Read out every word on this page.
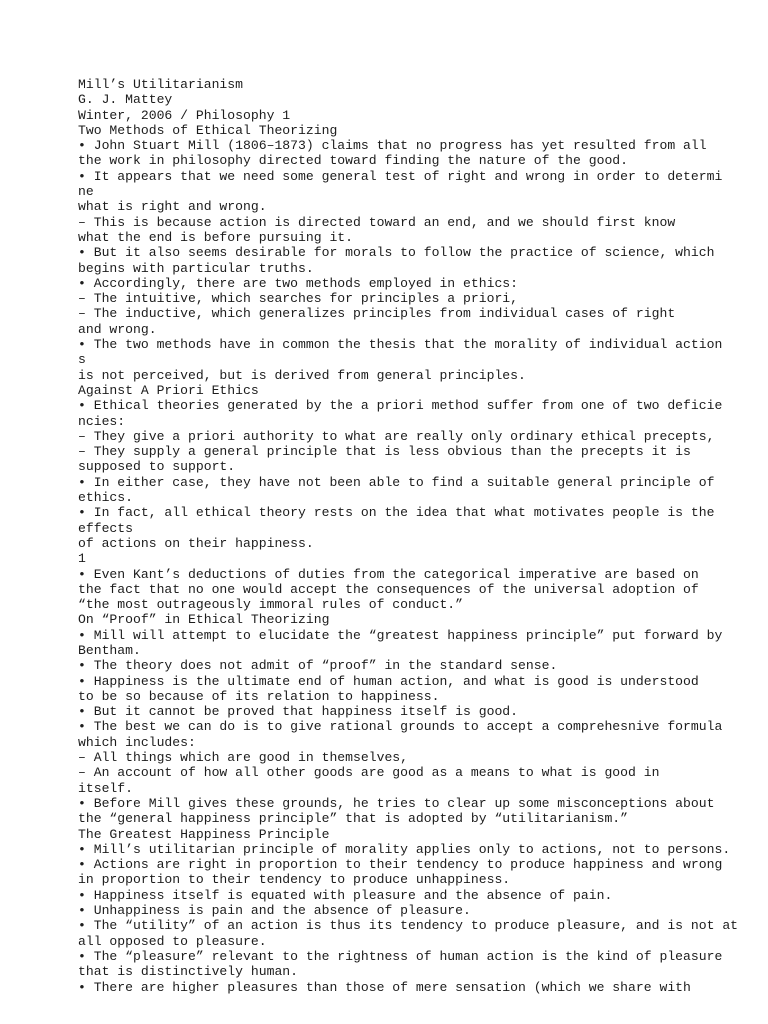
Mill’s Utilitarianism
G. J. Mattey
Winter, 2006 / Philosophy 1
Two Methods of Ethical Theorizing
• John Stuart Mill (1806–1873) claims that no progress has yet resulted from all
the work in philosophy directed toward finding the nature of the good.
• It appears that we need some general test of right and wrong in order to determi
ne
what is right and wrong.
– This is because action is directed toward an end, and we should first know
what the end is before pursuing it.
• But it also seems desirable for morals to follow the practice of science, which
begins with particular truths.
• Accordingly, there are two methods employed in ethics:
– The intuitive, which searches for principles a priori,
– The inductive, which generalizes principles from individual cases of right
and wrong.
• The two methods have in common the thesis that the morality of individual action
s
is not perceived, but is derived from general principles.
Against A Priori Ethics
• Ethical theories generated by the a priori method suffer from one of two deficie
ncies:
– They give a priori authority to what are really only ordinary ethical precepts,
– They supply a general principle that is less obvious than the precepts it is
supposed to support.
• In either case, they have not been able to find a suitable general principle of
ethics.
• In fact, all ethical theory rests on the idea that what motivates people is the
effects
of actions on their happiness.
1
• Even Kant’s deductions of duties from the categorical imperative are based on
the fact that no one would accept the consequences of the universal adoption of
“the most outrageously immoral rules of conduct.”
On “Proof” in Ethical Theorizing
• Mill will attempt to elucidate the “greatest happiness principle” put forward by
Bentham.
• The theory does not admit of “proof” in the standard sense.
• Happiness is the ultimate end of human action, and what is good is understood
to be so because of its relation to happiness.
• But it cannot be proved that happiness itself is good.
• The best we can do is to give rational grounds to accept a comprehesnive formula
which includes:
– All things which are good in themselves,
– An account of how all other goods are good as a means to what is good in
itself.
• Before Mill gives these grounds, he tries to clear up some misconceptions about
the “general happiness principle” that is adopted by “utilitarianism.”
The Greatest Happiness Principle
• Mill’s utilitarian principle of morality applies only to actions, not to persons.
• Actions are right in proportion to their tendency to produce happiness and wrong
in proportion to their tendency to produce unhappiness.
• Happiness itself is equated with pleasure and the absence of pain.
• Unhappiness is pain and the absence of pleasure.
• The “utility” of an action is thus its tendency to produce pleasure, and is not at
all opposed to pleasure.
• The “pleasure” relevant to the rightness of human action is the kind of pleasure
that is distinctively human.
• There are higher pleasures than those of mere sensation (which we share with
